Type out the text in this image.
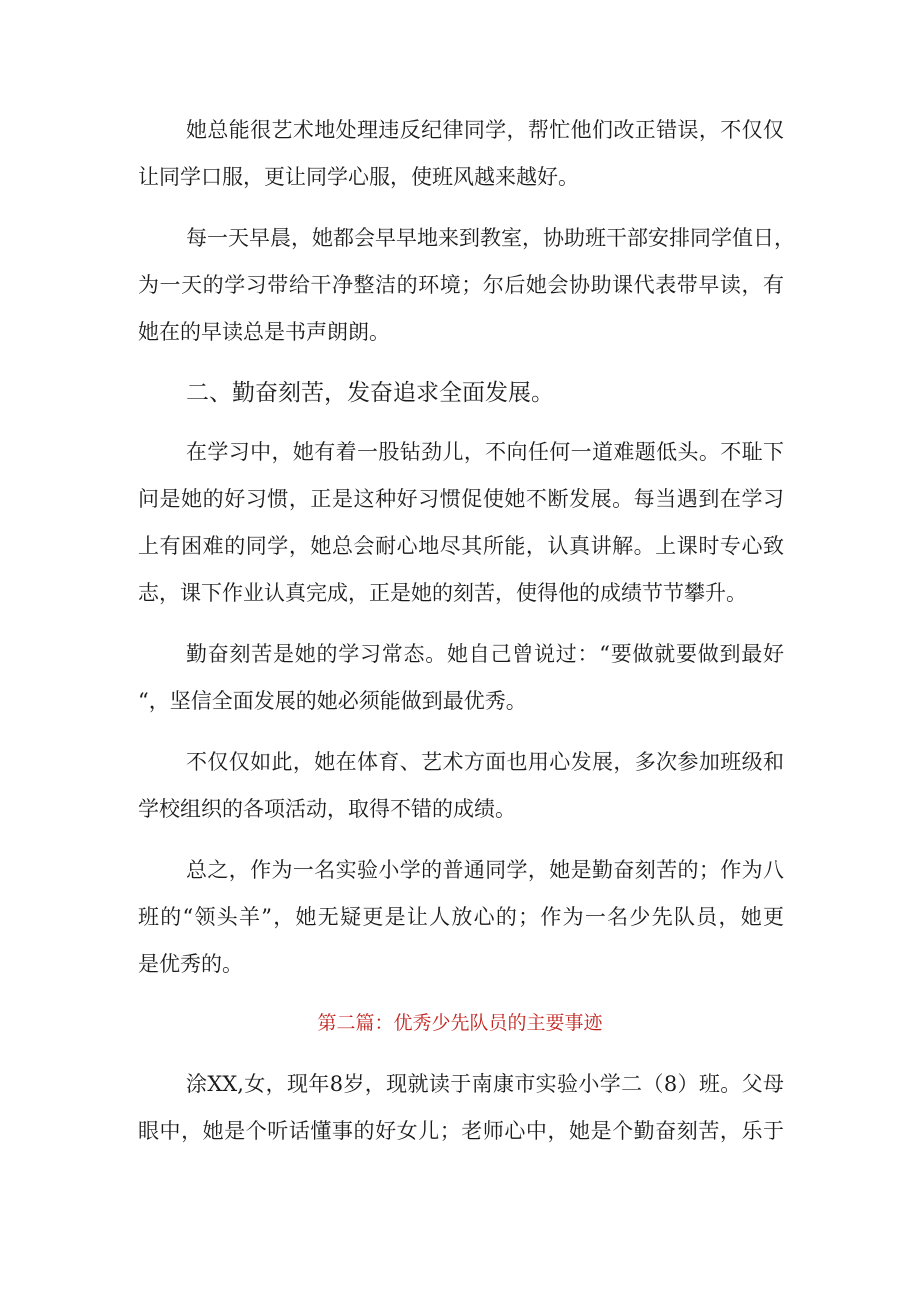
她总能很艺术地处理违反纪律同学，帮忙他们改正错误，不仅仅
让同学口服，更让同学心服，使班风越来越好。
每一天早晨，她都会早早地来到教室，协助班干部安排同学值日，
为一天的学习带给干净整洁的环境；尔后她会协助课代表带早读，有
她在的早读总是书声朗朗。
二、勤奋刻苦，发奋追求全面发展。
在学习中，她有着一股钻劲儿，不向任何一道难题低头。不耻下
问是她的好习惯，正是这种好习惯促使她不断发展。每当遇到在学习
上有困难的同学，她总会耐心地尽其所能，认真讲解。上课时专心致
志，课下作业认真完成，正是她的刻苦，使得他的成绩节节攀升。
勤奋刻苦是她的学习常态。她自己曾说过：“要做就要做到最好
“，坚信全面发展的她必须能做到最优秀。
不仅仅如此，她在体育、艺术方面也用心发展，多次参加班级和
学校组织的各项活动，取得不错的成绩。
总之，作为一名实验小学的普通同学，她是勤奋刻苦的；作为八
班的“领头羊”，她无疑更是让人放心的；作为一名少先队员，她更
是优秀的。
第二篇：优秀少先队员的主要事迹
涂XX,女，现年8岁，现就读于南康市实验小学二（8）班。父母
眼中，她是个听话懂事的好女儿；老师心中，她是个勤奋刻苦，乐于
